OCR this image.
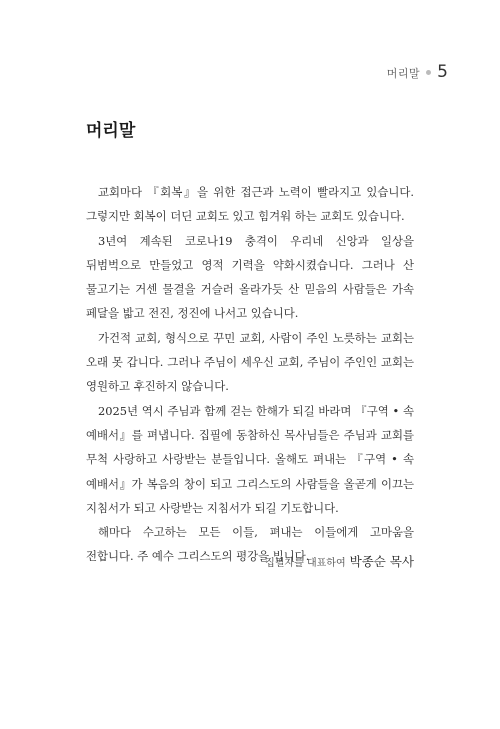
머리말 5
머리말

교회마다 『회복』을 위한 접근과 노력이 빨라지고 있습니다. 그렇지만 회복이 더딘 교회도 있고 힘겨워 하는 교회도 있습니다.

3년여 계속된 코로나19 충격이 우리네 신앙과 일상을 뒤범벅으로 만들었고 영적 기력을 약화시켰습니다. 그러나 산 물고기는 거센 물결을 거슬러 올라가듯 산 믿음의 사람들은 가속 페달을 밟고 전진, 정진에 나서고 있습니다.

가건적 교회, 형식으로 꾸민 교회, 사람이 주인 노릇하는 교회는 오래 못 갑니다. 그러나 주님이 세우신 교회, 주님이 주인인 교회는 영원하고 후진하지 않습니다.

2025년 역시 주님과 함께 걷는 한해가 되길 바라며 『구역 • 속 예배서』를 펴냅니다. 집필에 동참하신 목사님들은 주님과 교회를 무척 사랑하고 사랑받는 분들입니다. 올해도 펴내는 『구역 • 속 예배서』가 복음의 창이 되고 그리스도의 사람들을 올곧게 이끄는 지침서가 되고 사랑받는 지침서가 되길 기도합니다.

해마다 수고하는 모든 이들, 펴내는 이들에게 고마움을 전합니다. 주 예수 그리스도의 평강을 빕니다.

집필자를 대표하여 박종순 목사
